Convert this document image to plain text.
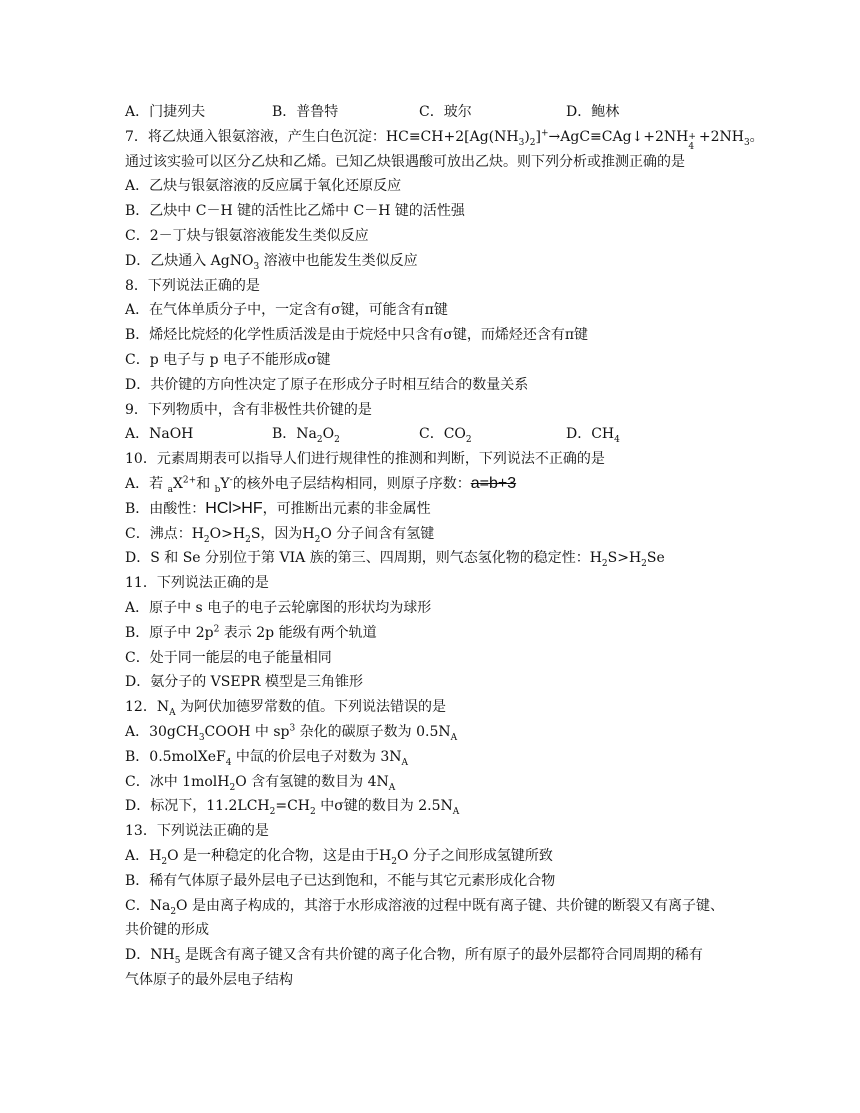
A．门捷列夫	B．普鲁特	C．玻尔	D．鲍林
7．将乙炔通入银氨溶液，产生白色沉淀：$HC\equiv CH+2[Ag(NH_3)_2]^+\to AgC\equiv CAg↓+2NH$ +
4
$+2NH_3$。
通过该实验可以区分乙炔和乙烯。已知乙炔银遇酸可放出乙炔。则下列分析或推测正确的是
A．乙炔与银氨溶液的反应属于氧化还原反应
B．乙炔中 C－H 键的活性比乙烯中 C－H 键的活性强
C．2－丁炔与银氨溶液能发生类似反应
D．乙炔通入 AgNO$_3$ 溶液中也能发生类似反应
8．下列说法正确的是
A．在气体单质分子中，一定含有σ键，可能含有π键
B．烯烃比烷烃的化学性质活泼是由于烷烃中只含有σ键，而烯烃还含有π键
C．p 电子与 p 电子不能形成σ键
D．共价键的方向性决定了原子在形成分子时相互结合的数量关系
9．下列物质中，含有非极性共价键的是
A．NaOH	B．$Na_2O_2$	C．$CO_2$	D．$CH_4$
10．元素周期表可以指导人们进行规律性的推测和判断，下列说法不正确的是
A．若 $_aX^{2+}$和 $_b$Y-的核外电子层结构相同，则原子序数：a=b+3
B．由酸性：HCl>HF，可推断出元素的非金属性
C．沸点：$H_2O>H_2S$，因为$H_2O$ 分子间含有氢键
D．S 和 Se 分别位于第 VIA 族的第三、四周期，则气态氢化物的稳定性：$H_2S>H_2Se$
11．下列说法正确的是
A．原子中 s 电子的电子云轮廓图的形状均为球形
B．原子中 $2p^2$ 表示 2p 能级有两个轨道
C．处于同一能层的电子能量相同
D．氨分子的 VSEPR 模型是三角锥形
12．$N_A$ 为阿伏加德罗常数的值。下列说法错误的是
A．30gCH$_3$COOH 中 $sp^3$ 杂化的碳原子数为 $0.5N_A$
B．0.5molXeF$_4$ 中氙的价层电子对数为 $3N_A$
C．冰中 1molH$_2$O 含有氢键的数目为 $4N_A$
D．标况下，$11.2LCH_2=CH_2$ 中σ键的数目为 $2.5N_A$
13．下列说法正确的是
A．$H_2O$ 是一种稳定的化合物，这是由于$H_2O$ 分子之间形成氢键所致
B．稀有气体原子最外层电子已达到饱和，不能与其它元素形成化合物
C．$Na_2O$ 是由离子构成的，其溶于水形成溶液的过程中既有离子键、共价键的断裂又有离子键、
共价键的形成
D．$NH_5$ 是既含有离子键又含有共价键的离子化合物，所有原子的最外层都符合同周期的稀有
气体原子的最外层电子结构
